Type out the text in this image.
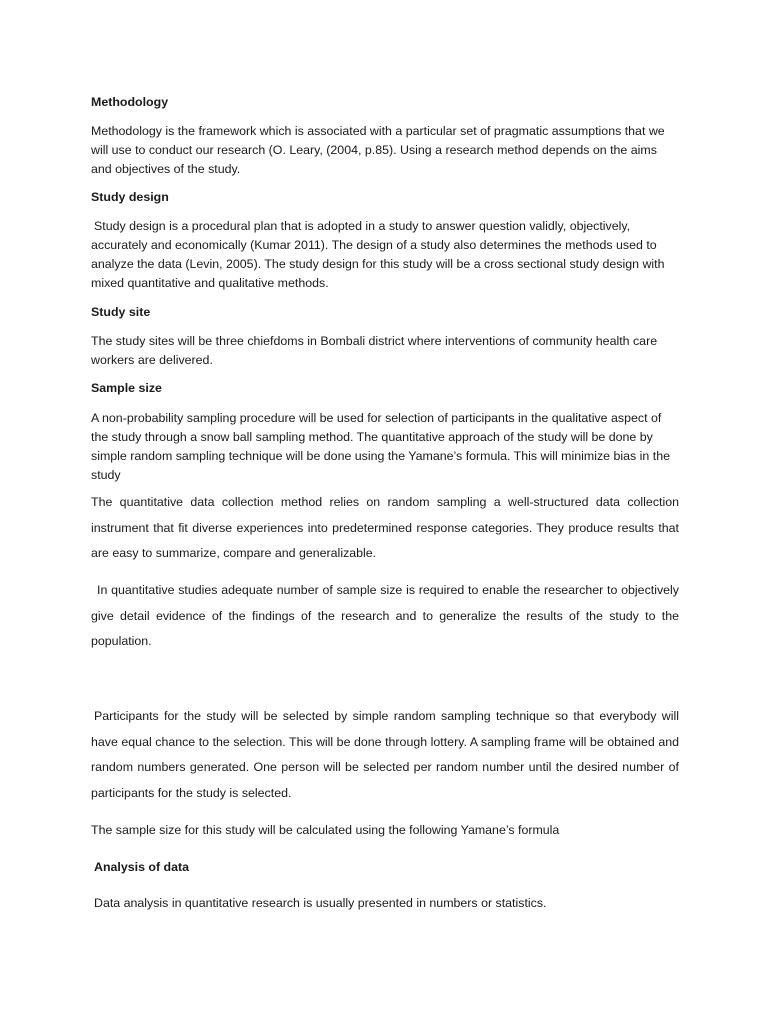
Methodology
Methodology is the framework which is associated with a particular set of pragmatic assumptions that we will use to conduct our research (O. Leary, (2004, p.85). Using a research method depends on the aims and objectives of the study.
Study design
Study design is a procedural plan that is adopted in a study to answer question validly, objectively, accurately and economically (Kumar 2011). The design of a study also determines the methods used to analyze the data (Levin, 2005). The study design for this study will be a cross sectional study design with mixed quantitative and qualitative methods.
Study site
The study sites will be three chiefdoms in Bombali district where interventions of community health care workers are delivered.
Sample size
A non-probability sampling procedure will be used for selection of participants in the qualitative aspect of the study through a snow ball sampling method. The quantitative approach of the study will be done by simple random sampling technique will be done using the Yamane’s formula. This will minimize bias in the study
The quantitative data collection method relies on random sampling a well-structured data collection instrument that fit diverse experiences into predetermined response categories. They produce results that are easy to summarize, compare and generalizable.
In quantitative studies adequate number of sample size is required to enable the researcher to objectively give detail evidence of the findings of the research and to generalize the results of the study to the population.
Participants for the study will be selected by simple random sampling technique so that everybody will have equal chance to the selection. This will be done through lottery. A sampling frame will be obtained and random numbers generated. One person will be selected per random number until the desired number of participants for the study is selected.
The sample size for this study will be calculated using the following Yamane’s formula
Analysis of data
Data analysis in quantitative research is usually presented in numbers or statistics.
